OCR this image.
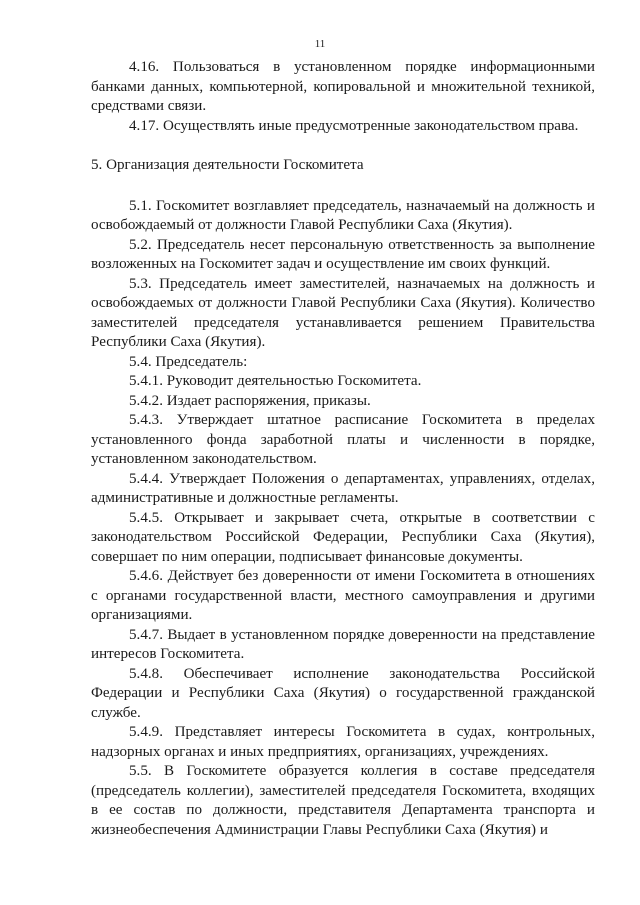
11

4.16. Пользоваться в установленном порядке информационными банками данных, компьютерной, копировальной и множительной техникой, средствами связи.

4.17. Осуществлять иные предусмотренные законодательством права.

5. Организация деятельности Госкомитета

5.1. Госкомитет возглавляет председатель, назначаемый на должность и освобождаемый от должности Главой Республики Саха (Якутия).

5.2. Председатель несет персональную ответственность за выполнение возложенных на Госкомитет задач и осуществление им своих функций.

5.3. Председатель имеет заместителей, назначаемых на должность и освобождаемых от должности Главой Республики Саха (Якутия). Количество заместителей председателя устанавливается решением Правительства Республики Саха (Якутия).

5.4. Председатель:

5.4.1. Руководит деятельностью Госкомитета.

5.4.2. Издает распоряжения, приказы.

5.4.3. Утверждает штатное расписание Госкомитета в пределах установленного фонда заработной платы и численности в порядке, установленном законодательством.

5.4.4. Утверждает Положения о департаментах, управлениях, отделах, административные и должностные регламенты.

5.4.5. Открывает и закрывает счета, открытые в соответствии с законодательством Российской Федерации, Республики Саха (Якутия), совершает по ним операции, подписывает финансовые документы.

5.4.6. Действует без доверенности от имени Госкомитета в отношениях с органами государственной власти, местного самоуправления и другими организациями.

5.4.7. Выдает в установленном порядке доверенности на представление интересов Госкомитета.

5.4.8. Обеспечивает исполнение законодательства Российской Федерации и Республики Саха (Якутия) о государственной гражданской службе.

5.4.9. Представляет интересы Госкомитета в судах, контрольных, надзорных органах и иных предприятиях, организациях, учреждениях.

5.5. В Госкомитете образуется коллегия в составе председателя (председатель коллегии), заместителей председателя Госкомитета, входящих в ее состав по должности, представителя Департамента транспорта и жизнеобеспечения Администрации Главы Республики Саха (Якутия) и
